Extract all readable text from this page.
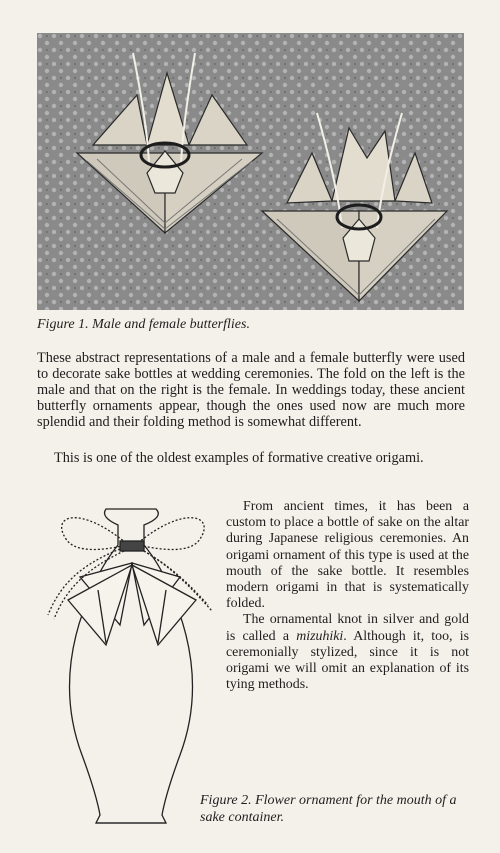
Figure 1. Male and female butterflies.

These abstract representations of a male and a female butterfly were used to decorate sake bottles at wedding ceremonies. The fold on the left is the male and that on the right is the female. In weddings today, these ancient butterfly ornaments appear, though the ones used now are much more splendid and their folding method is somewhat different.

This is one of the oldest examples of formative creative origami.

From ancient times, it has been a custom to place a bottle of sake on the altar during Japanese religious ceremonies. An origami ornament of this type is used at the mouth of the sake bottle. It resembles modern origami in that is systematically folded.

The ornamental knot in silver and gold is called a mizuhiki. Although it, too, is ceremonially stylized, since it is not origami we will omit an explanation of its tying methods.

Figure 2. Flower ornament for the mouth of a sake container.
